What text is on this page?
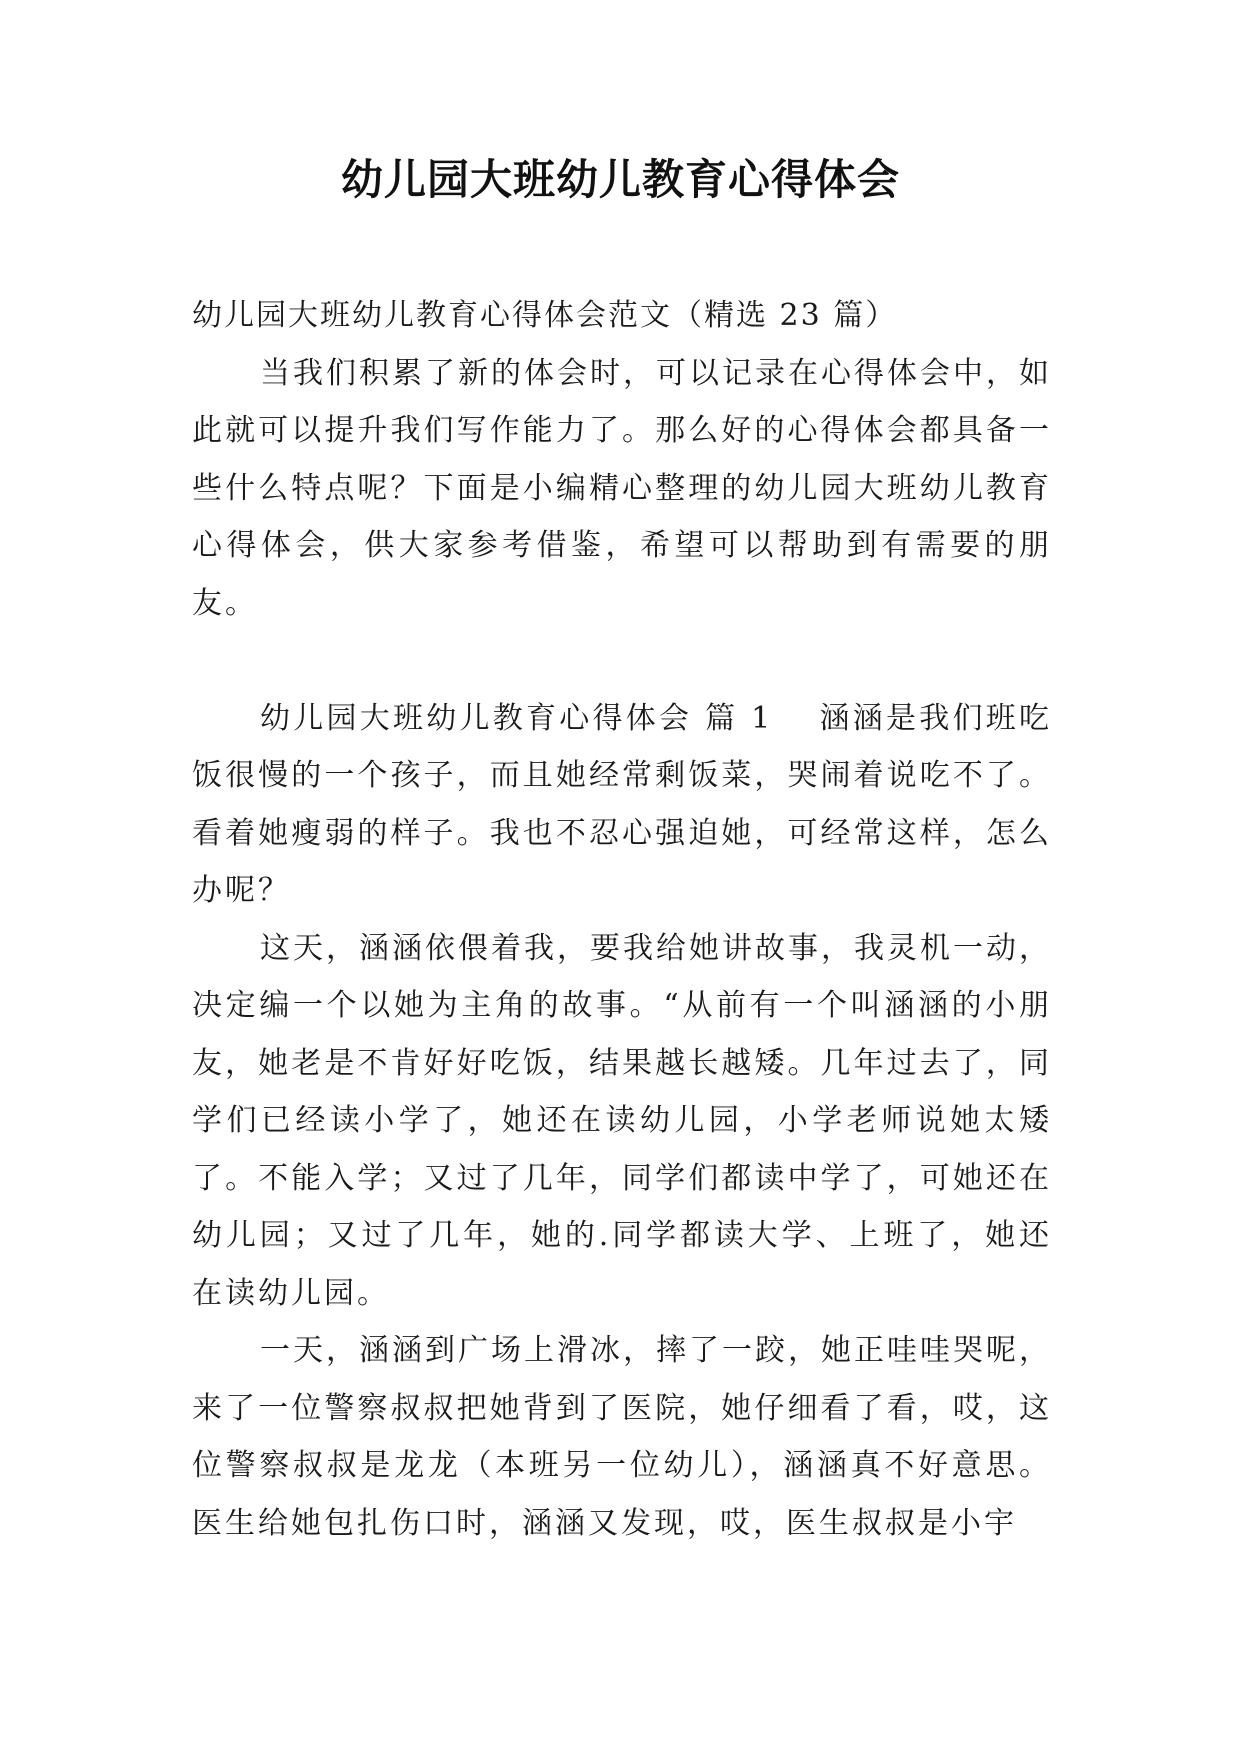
幼儿园大班幼儿教育心得体会

幼儿园大班幼儿教育心得体会范文（精选 23 篇）

当我们积累了新的体会时，可以记录在心得体会中，如此就可以提升我们写作能力了。那么好的心得体会都具备一些什么特点呢？下面是小编精心整理的幼儿园大班幼儿教育心得体会，供大家参考借鉴，希望可以帮助到有需要的朋友。

幼儿园大班幼儿教育心得体会 篇 1 涵涵是我们班吃饭很慢的一个孩子，而且她经常剩饭菜，哭闹着说吃不了。看着她瘦弱的样子。我也不忍心强迫她，可经常这样，怎么办呢？

这天，涵涵依偎着我，要我给她讲故事，我灵机一动，决定编一个以她为主角的故事。“从前有一个叫涵涵的小朋友，她老是不肯好好吃饭，结果越长越矮。几年过去了，同学们已经读小学了，她还在读幼儿园，小学老师说她太矮了。不能入学；又过了几年，同学们都读中学了，可她还在幼儿园；又过了几年，她的.同学都读大学、上班了，她还在读幼儿园。

一天，涵涵到广场上滑冰，摔了一跤，她正哇哇哭呢，来了一位警察叔叔把她背到了医院，她仔细看了看，哎，这位警察叔叔是龙龙（本班另一位幼儿），涵涵真不好意思。医生给她包扎伤口时，涵涵又发现，哎，医生叔叔是小宇
